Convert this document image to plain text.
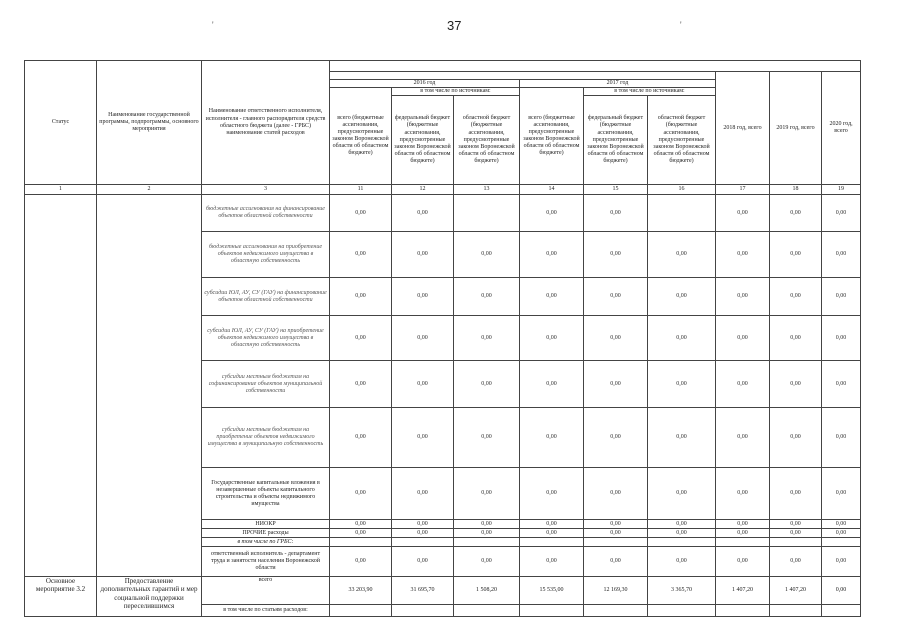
37
'	'
Статус	Наименование государственной программы, подпрограммы, основного мероприятия	Наименование ответственного исполнителя, исполнителя - главного распорядителя средств областного бюджета (далее - ГРБС) наименование статей расходов									
									2018 год, всего	2019 год, всего	2020 год, всего
			2016 год			2017 год					
			всего (бюджетные ассигнования, предусмотренные законом Воронежской области об областном бюджете)	в том числе по источникам:		всего (бюджетные ассигнования, предусмотренные законом Воронежской области об областном бюджете)	в том числе по источникам:				
				федеральный бюджет (бюджетные ассигнования, предусмотренные законом Воронежской области об областном бюджете)	областной бюджет (бюджетные ассигнования, предусмотренные законом Воронежской области об областном бюджете)		федеральный бюджет (бюджетные ассигнования, предусмотренные законом Воронежской области об областном бюджете)	областной бюджет (бюджетные ассигнования, предусмотренные законом Воронежской области об областном бюджете)			
1	2	3	11	12	13	14	15	16	17	18	19
		бюджетные ассигнования на финансирование объектов областной собственности	0,00	0,00		0,00	0,00		0,00	0,00	0,00
		бюджетные ассигнования на приобретение объектов недвижимого имущества в областную собственность	0,00	0,00	0,00	0,00	0,00	0,00	0,00	0,00	0,00
		субсидии ЮЛ, АУ, СУ (ГАУ) на финансирование объектов областной собственности	0,00	0,00	0,00	0,00	0,00	0,00	0,00	0,00	0,00
		субсидии ЮЛ, АУ, СУ (ГАУ) на приобретение объектов недвижимого имущества в областную собственность	0,00	0,00	0,00	0,00	0,00	0,00	0,00	0,00	0,00
		субсидии местным бюджетам на софинансирование объектов муниципальной собственности	0,00	0,00	0,00	0,00	0,00	0,00	0,00	0,00	0,00
		субсидии местным бюджетам на приобретение объектов недвижимого имущества в муниципальную собственность	0,00	0,00	0,00	0,00	0,00	0,00	0,00	0,00	0,00
		Государственные капитальные вложения в незавершенные объекты капитального строительства и объекты недвижимого имущества	0,00	0,00	0,00	0,00	0,00	0,00	0,00	0,00	0,00
		НИОКР	0,00	0,00	0,00	0,00	0,00	0,00	0,00	0,00	0,00
		ПРОЧИЕ расходы	0,00	0,00	0,00	0,00	0,00	0,00	0,00	0,00	0,00
		в том числе по ГРБС:									
		ответственный исполнитель - департамент труда и занятости населения Воронежской области	0,00	0,00	0,00	0,00	0,00	0,00	0,00	0,00	0,00
Основное мероприятие 3.2	Предоставление дополнительных гарантий и мер социальной поддержки переселившимся	всего	33 203,90	31 695,70	1 508,20	15 535,00	12 169,30	3 365,70	1 407,20	1 407,20	0,00
		в том числе по статьям расходов:									
